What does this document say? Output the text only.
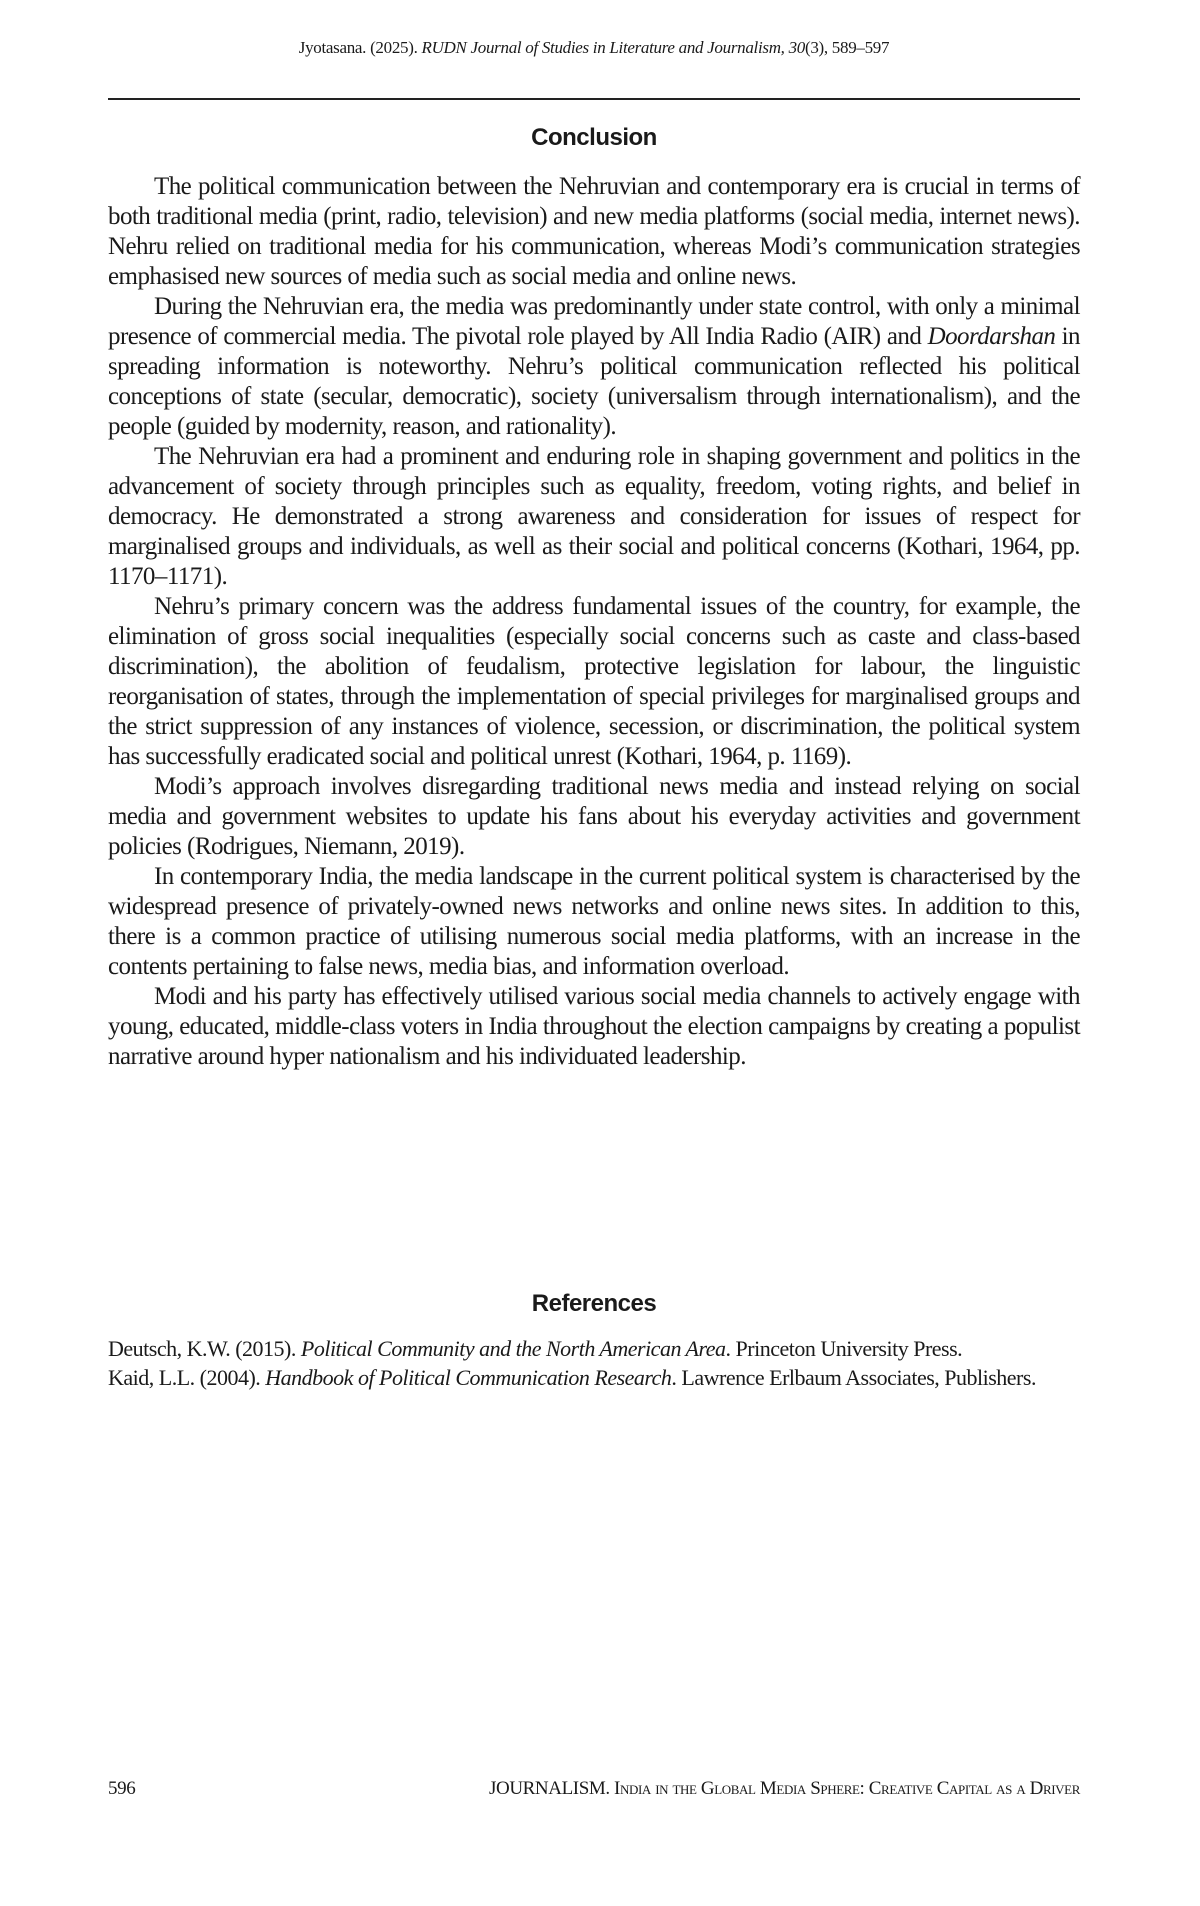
Jyotasana. (2025). RUDN Journal of Studies in Literature and Journalism, 30(3), 589–597
Conclusion

The political communication between the Nehruvian and contemporary era is crucial in terms of both traditional media (print, radio, television) and new media platforms (social media, internet news). Nehru relied on traditional media for his communication, whereas Modi’s communication strategies emphasised new sources of media such as social media and online news.

During the Nehruvian era, the media was predominantly under state control, with only a minimal presence of commercial media. The pivotal role played by All India Radio (AIR) and Doordarshan in spreading information is noteworthy. Nehru’s political communication reflected his political conceptions of state (secular, democratic), society (universalism through internationalism), and the people (guided by modernity, reason, and rationality).

The Nehruvian era had a prominent and enduring role in shaping government and politics in the advancement of society through principles such as equality, freedom, voting rights, and belief in democracy. He demonstrated a strong awareness and consideration for issues of respect for marginalised groups and individuals, as well as their social and political concerns (Kothari, 1964, pp. 1170–1171).

Nehru’s primary concern was the address fundamental issues of the country, for example, the elimination of gross social inequalities (especially social concerns such as caste and class-based discrimination), the abolition of feudalism, protective legislation for labour, the linguistic reorganisation of states, through the implementation of special privileges for marginalised groups and the strict suppression of any instances of violence, secession, or discrimination, the political system has successfully eradicated social and political unrest (Kothari, 1964, p. 1169).

Modi’s approach involves disregarding traditional news media and instead relying on social media and government websites to update his fans about his everyday activities and government policies (Rodrigues, Niemann, 2019).

In contemporary India, the media landscape in the current political system is characterised by the widespread presence of privately-owned news networks and online news sites. In addition to this, there is a common practice of utilising numerous social media platforms, with an increase in the contents pertaining to false news, media bias, and information overload.

Modi and his party has effectively utilised various social media channels to actively engage with young, educated, middle-class voters in India throughout the election campaigns by creating a populist narrative around hyper nationalism and his individuated leadership.

References

Deutsch, K.W. (2015). Political Community and the North American Area. Princeton University Press.

Kaid, L.L. (2004). Handbook of Political Communication Research. Lawrence Erlbaum Associates, Publishers.

596	JOURNALISM. India in the Global Media Sphere: Creative Capital as a Driver
